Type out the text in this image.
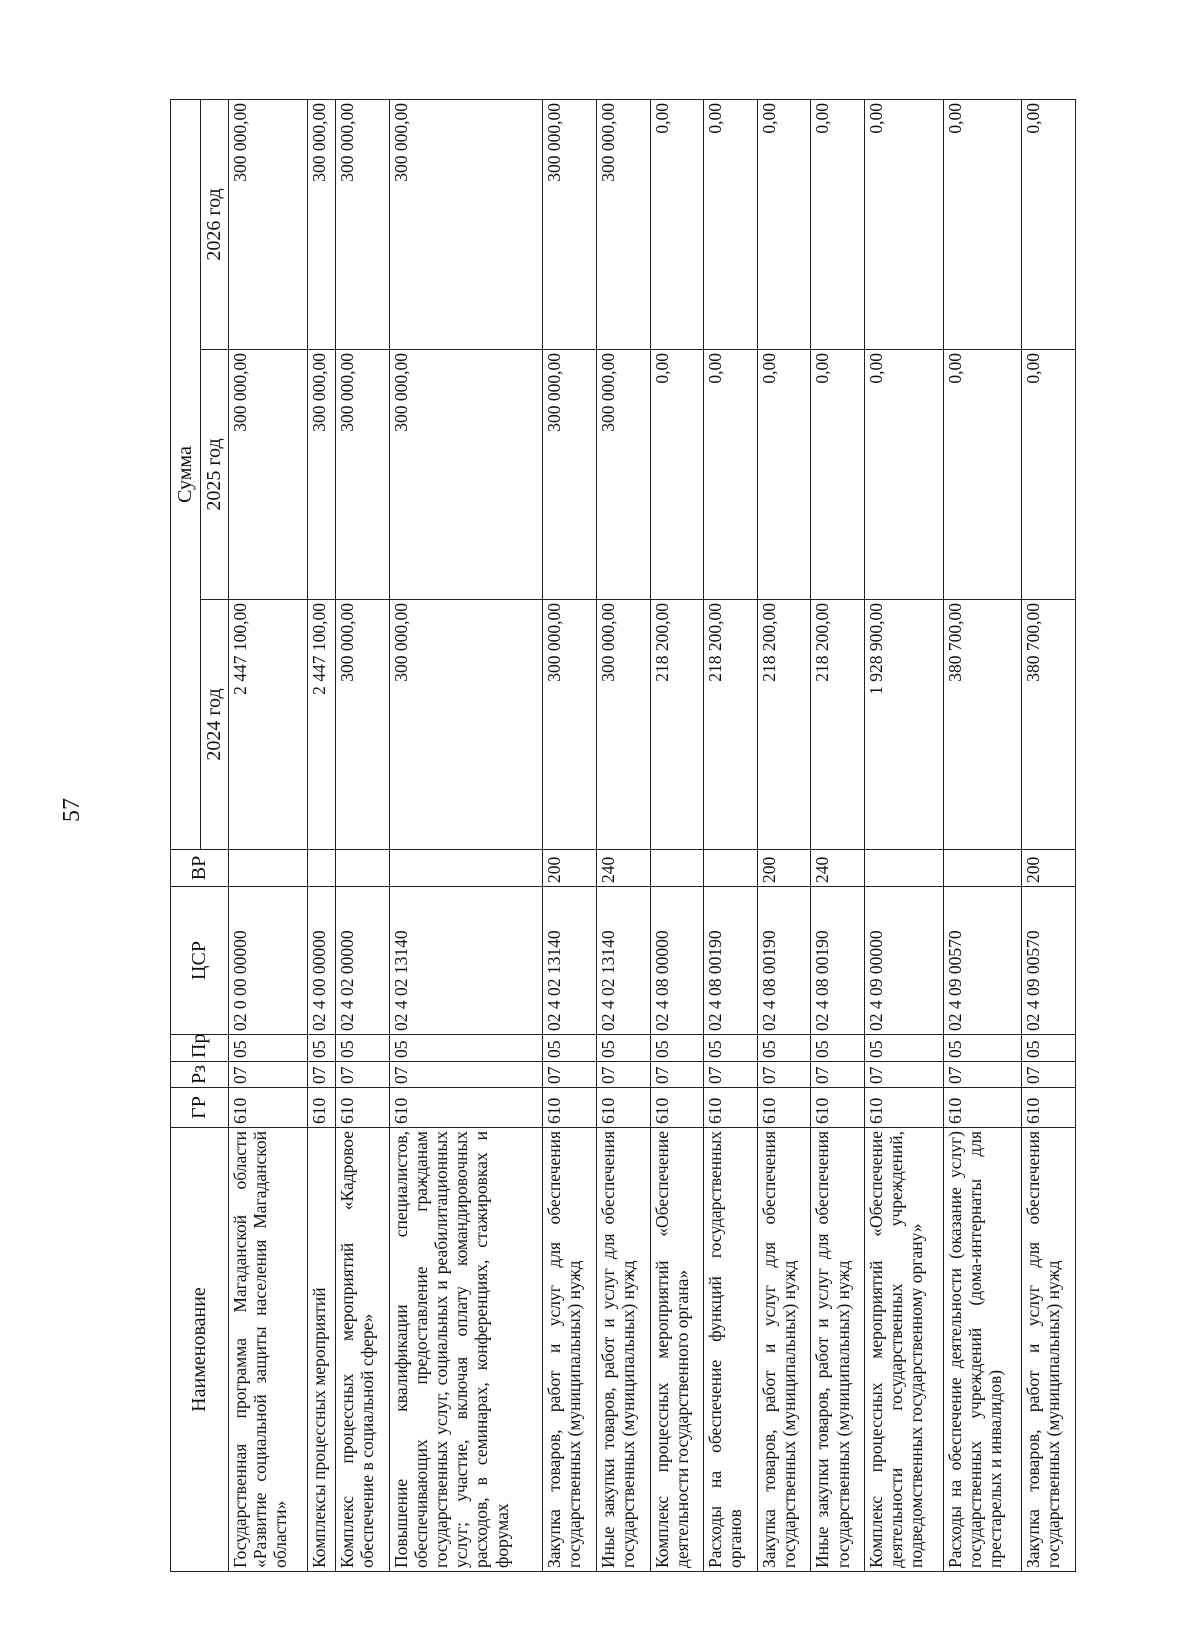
57
Наименование	ГР	Рз	Пр	ЦСР	ВР	Сумма		
						2024 год	2025 год	2026 год
Государственная программа Магаданской области «Развитие социальной защиты населения Магаданской области»	610	07	05	02 0 00 00000		2 447 100,00	300 000,00	300 000,00
Комплексы процессных мероприятий	610	07	05	02 4 00 00000		2 447 100,00	300 000,00	300 000,00
Комплекс процессных мероприятий «Кадровое обеспечение в социальной сфере»	610	07	05	02 4 02 00000		300 000,00	300 000,00	300 000,00
Повышение квалификации специалистов, обеспечивающих предоставление гражданам государственных услуг, социальных и реабилитационных услуг; участие, включая оплату командировочных расходов, в семинарах, конференциях, стажировках и форумах	610	07	05	02 4 02 13140		300 000,00	300 000,00	300 000,00
Закупка товаров, работ и услуг для обеспечения государственных (муниципальных) нужд	610	07	05	02 4 02 13140	200	300 000,00	300 000,00	300 000,00
Иные закупки товаров, работ и услуг для обеспечения государственных (муниципальных) нужд	610	07	05	02 4 02 13140	240	300 000,00	300 000,00	300 000,00
Комплекс процессных мероприятий «Обеспечение деятельности государственного органа»	610	07	05	02 4 08 00000		218 200,00	0,00	0,00
Расходы на обеспечение функций государственных органов	610	07	05	02 4 08 00190		218 200,00	0,00	0,00
Закупка товаров, работ и услуг для обеспечения государственных (муниципальных) нужд	610	07	05	02 4 08 00190	200	218 200,00	0,00	0,00
Иные закупки товаров, работ и услуг для обеспечения государственных (муниципальных) нужд	610	07	05	02 4 08 00190	240	218 200,00	0,00	0,00
Комплекс процессных мероприятий «Обеспечение деятельности государственных учреждений, подведомственных государственному органу»	610	07	05	02 4 09 00000		1 928 900,00	0,00	0,00
Расходы на обеспечение деятельности (оказание услуг) государственных учреждений (дома-интернаты для престарелых и инвалидов)	610	07	05	02 4 09 00570		380 700,00	0,00	0,00
Закупка товаров, работ и услуг для обеспечения государственных (муниципальных) нужд	610	07	05	02 4 09 00570	200	380 700,00	0,00	0,00
